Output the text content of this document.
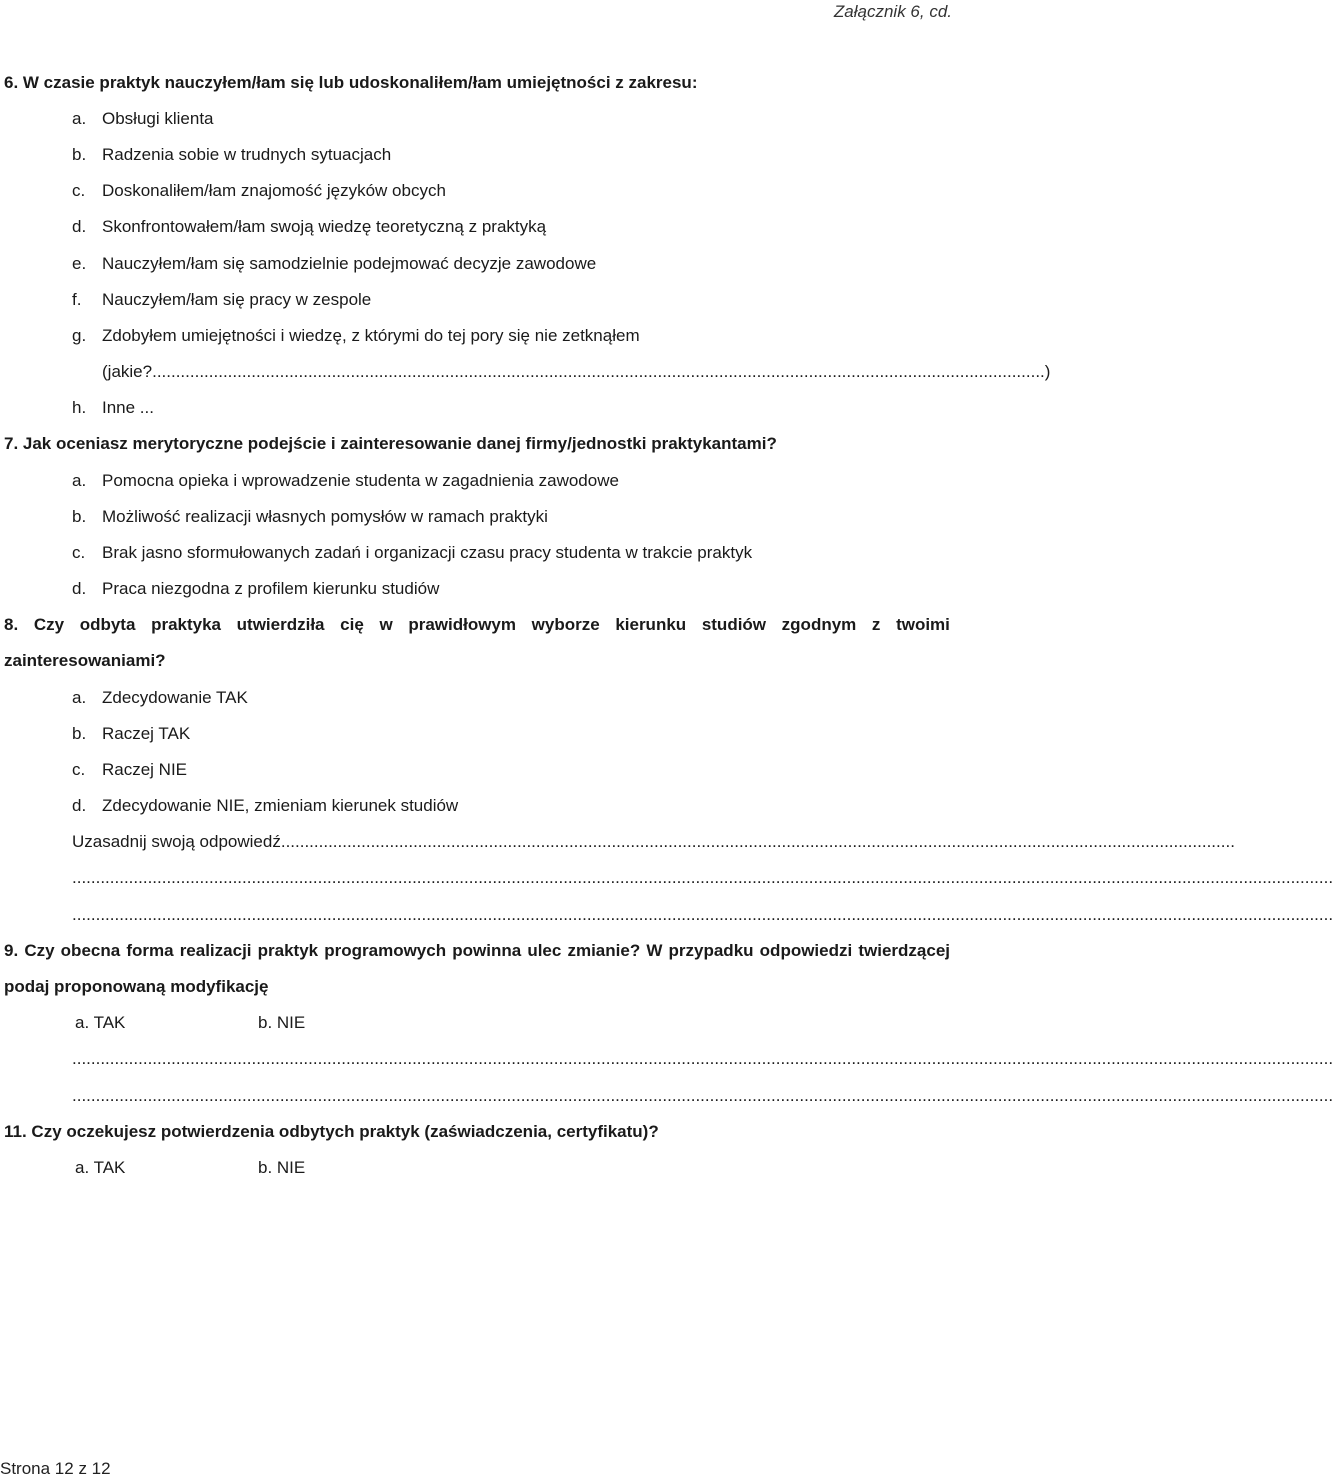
Załącznik 6, cd.
6. W czasie praktyk nauczyłem/łam się lub udoskonaliłem/łam umiejętności z zakresu:
a. Obsługi klienta
b. Radzenia sobie w trudnych sytuacjach
c. Doskonaliłem/łam znajomość języków obcych
d. Skonfrontowałem/łam swoją wiedzę teoretyczną z praktyką
e. Nauczyłem/łam się samodzielnie podejmować decyzje zawodowe
f. Nauczyłem/łam się pracy w zespole
g. Zdobyłem umiejętności i wiedzę, z którymi do tej pory się nie zetknąłem
(jakie? ............................................................................................................................................................................................. )
h. Inne ...
7. Jak oceniasz merytoryczne podejście i zainteresowanie danej firmy/jednostki praktykantami?
a. Pomocna opieka i wprowadzenie studenta w zagadnienia zawodowe
b. Możliwość realizacji własnych pomysłów w ramach praktyki
c. Brak jasno sformułowanych zadań i organizacji czasu pracy studenta w trakcie praktyk
d. Praca niezgodna z profilem kierunku studiów
8. Czy odbyta praktyka utwierdziła cię w prawidłowym wyborze kierunku studiów zgodnym z twoimi
zainteresowaniami?
a. Zdecydowanie TAK
b. Raczej TAK
c. Raczej NIE
d. Zdecydowanie NIE, zmieniam kierunek studiów
Uzasadnij swoją odpowiedź. .........................................................................................................................................................................................................
...........................................................................................................................................................................................................................................................................
...........................................................................................................................................................................................................................................................................
9. Czy obecna forma realizacji praktyk programowych powinna ulec zmianie? W przypadku odpowiedzi twierdzącej
podaj proponowaną modyfikację
a. TAK	b. NIE
...........................................................................................................................................................................................................................................................................
...........................................................................................................................................................................................................................................................................
11. Czy oczekujesz potwierdzenia odbytych praktyk (zaświadczenia, certyfikatu)?
a. TAK	b. NIE
Strona 12 z 12
